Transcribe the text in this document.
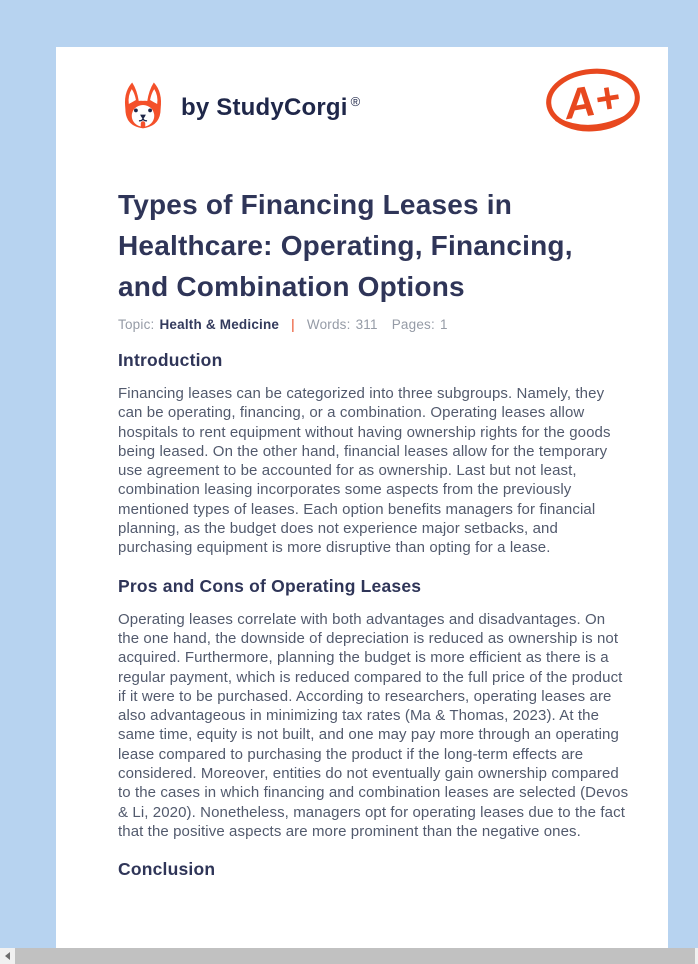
by StudyCorgi ®	A+
Types of Financing Leases in Healthcare: Operating, Financing, and Combination Options
Topic: Health & Medicine | Words: 311 Pages: 1
Introduction

Financing leases can be categorized into three subgroups. Namely, they can be operating, financing, or a combination. Operating leases allow hospitals to rent equipment without having ownership rights for the goods being leased. On the other hand, financial leases allow for the temporary use agreement to be accounted for as ownership. Last but not least, combination leasing incorporates some aspects from the previously mentioned types of leases. Each option benefits managers for financial planning, as the budget does not experience major setbacks, and purchasing equipment is more disruptive than opting for a lease.

Pros and Cons of Operating Leases

Operating leases correlate with both advantages and disadvantages. On the one hand, the downside of depreciation is reduced as ownership is not acquired. Furthermore, planning the budget is more efficient as there is a regular payment, which is reduced compared to the full price of the product if it were to be purchased. According to researchers, operating leases are also advantageous in minimizing tax rates (Ma & Thomas, 2023). At the same time, equity is not built, and one may pay more through an operating lease compared to purchasing the product if the long-term effects are considered. Moreover, entities do not eventually gain ownership compared to the cases in which financing and combination leases are selected (Devos & Li, 2020). Nonetheless, managers opt for operating leases due to the fact that the positive aspects are more prominent than the negative ones.

Conclusion
